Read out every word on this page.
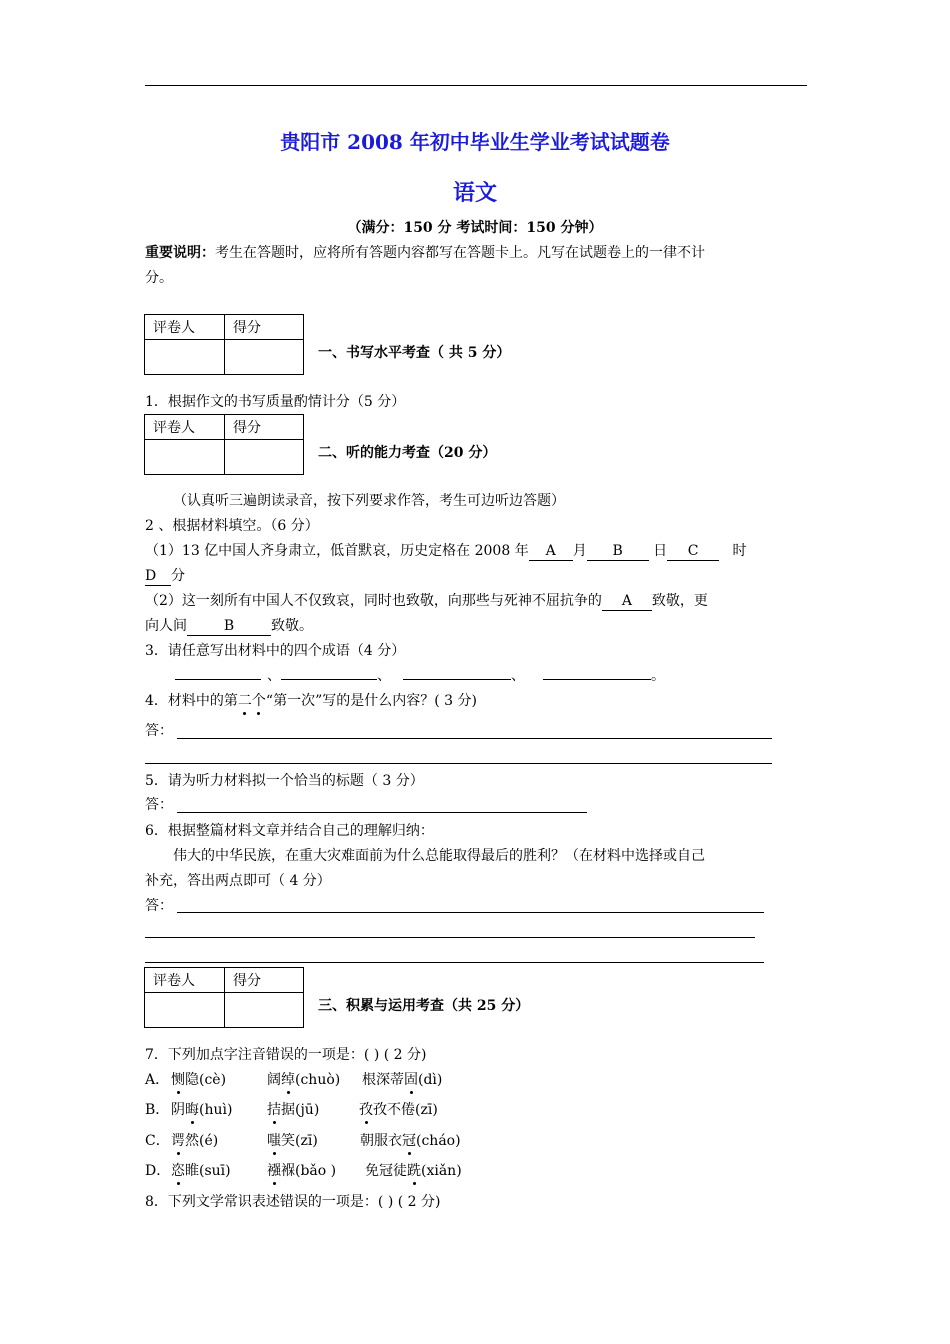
贵阳市 2008 年初中毕业生学业考试试题卷
语文
（满分：150 分 考试时间：150 分钟）
重要说明：考生在答题时，应将所有答题内容都写在答题卡上。凡写在试题卷上的一律不计
分。
评卷人	得分

一、书写水平考查（ 共 5 分）
1．根据作文的书写质量酌情计分（5 分）
评卷人	得分

二、听的能力考查（20 分）
（认真听三遍朗读录音，按下列要求作答，考生可边听边答题）
2 、根据材料填空。（6 分）
（1）13 亿中国人齐身肃立，低首默哀，历史定格在 2008 年 A 月 B 日 C 时
D 分
（2）这一刻所有中国人不仅致哀，同时也致敬，向那些与死神不屈抗争的 A 致敬，更
向人间	B	致敬。
3．请任意写出材料中的四个成语（4 分）
、	、	、	。
4．材料中的第二个“第一次”写的是什么内容？( 3 分)
答：
5．请为听力材料拟一个恰当的标题（ 3 分）
答：
6．根据整篇材料文章并结合自己的理解归纳：
伟大的中华民族，在重大灾难面前为什么总能取得最后的胜利？（在材料中选择或自己
补充，答出两点即可（ 4 分）
答：
评卷人	得分

三、积累与运用考查（共 25 分）
7．下列加点字注音错误的一项是：( ) ( 2 分)
A． 恻隐(cè)	阔绰(chuò) 根深蒂固(dì)
B． 阴晦(huì) 拮据(jū)	孜孜不倦(zī)
C．谔然(é)	嗤笑(zī)	朝服衣冠(cháo)
D．恣睢(suī)	襁褓(bǎo ) 免冠徒跣(xiǎn)
8．下列文学常识表述错误的一项是：( ) ( 2 分)
